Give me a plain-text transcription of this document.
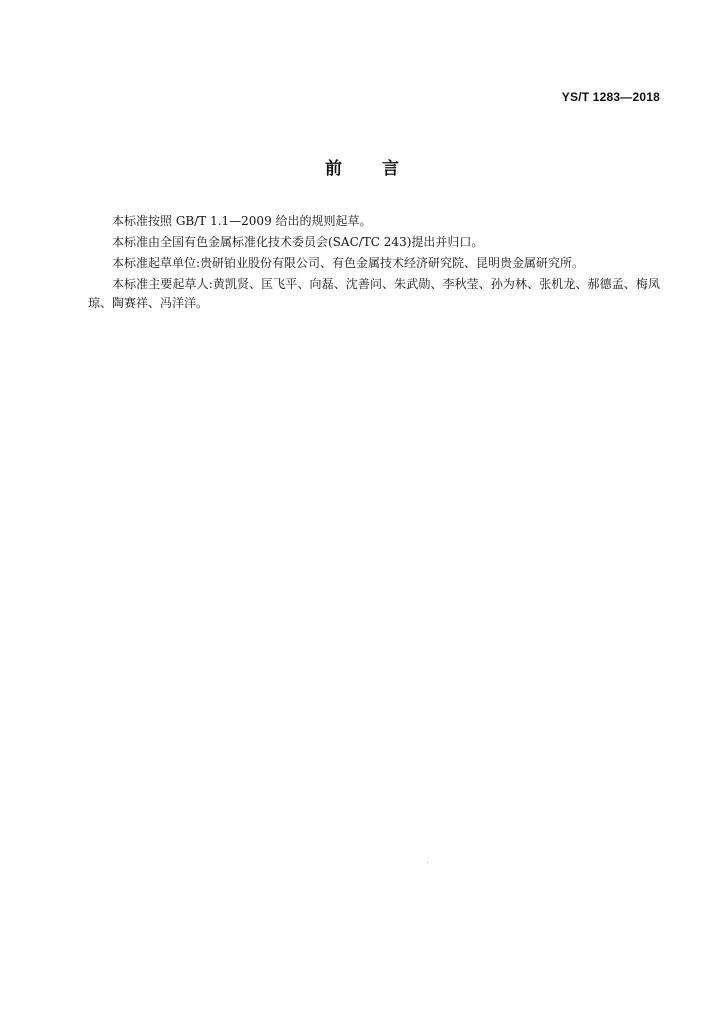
YS/T 1283—2018
前 言

本标准按照 GB/T 1.1—2009 给出的规则起草。

本标准由全国有色金属标准化技术委员会(SAC/TC 243)提出并归口。

本标准起草单位:贵研铂业股份有限公司、有色金属技术经济研究院、昆明贵金属研究所。

本标准主要起草人:黄凯贤、匡飞平、向磊、沈善问、朱武勋、李秋莹、孙为林、张机龙、郝德孟、梅凤琼、陶赛祥、冯洋洋。
